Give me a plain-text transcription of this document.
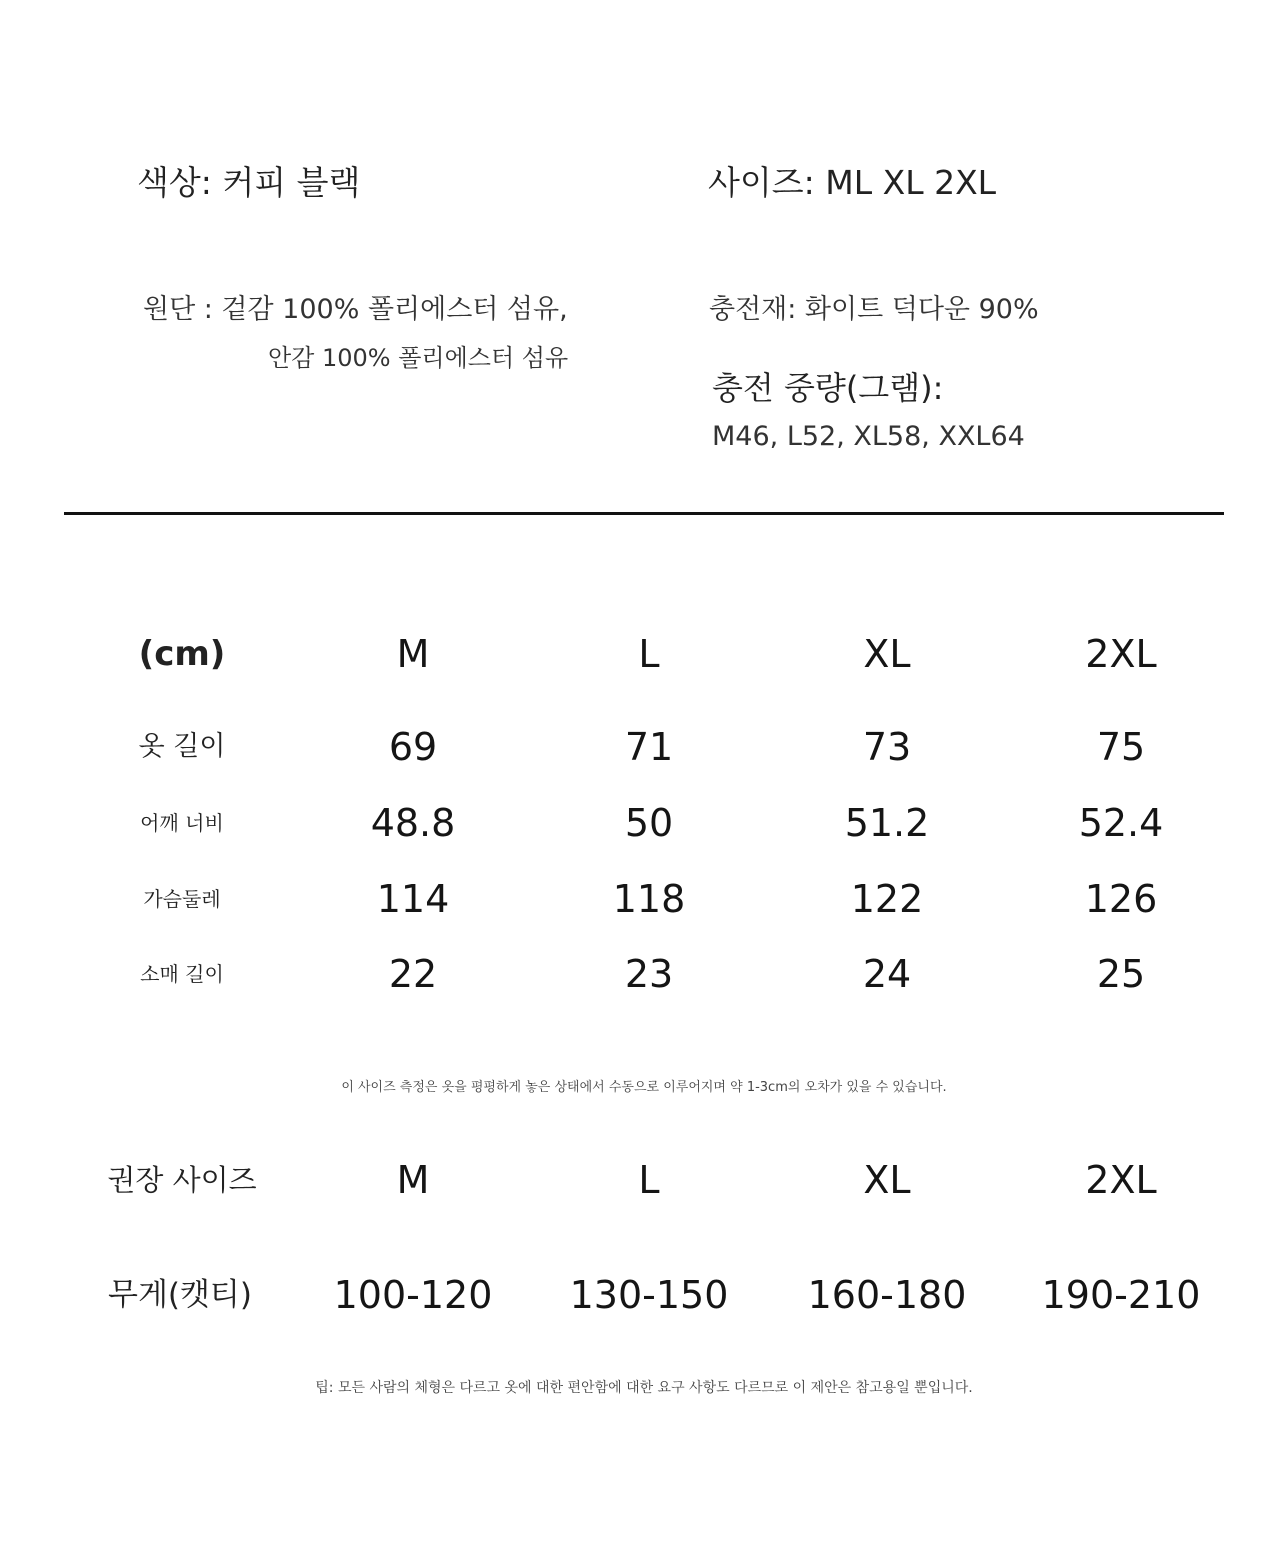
색상: 커피 블랙	사이즈: ML XL 2XL
원단 : 겉감 100% 폴리에스터 섬유,
안감 100% 폴리에스터 섬유
충전재: 화이트 덕다운 90%
충전 중량(그램):
M46, L52, XL58, XXL64
(cm)	M	L	XL	2XL
옷 길이	69	71	73	75
어깨 너비	48.8	50	51.2	52.4
가슴둘레	114	118	122	126
소매 길이	22	23	24	25
이 사이즈 측정은 옷을 평평하게 놓은 상태에서 수동으로 이루어지며 약 1-3cm의 오차가 있을 수 있습니다.
권장 사이즈	M	L	XL	2XL
무게(캣티)	100-120	130-150	160-180	190-210
팁: 모든 사람의 체형은 다르고 옷에 대한 편안함에 대한 요구 사항도 다르므로 이 제안은 참고용일 뿐입니다.
